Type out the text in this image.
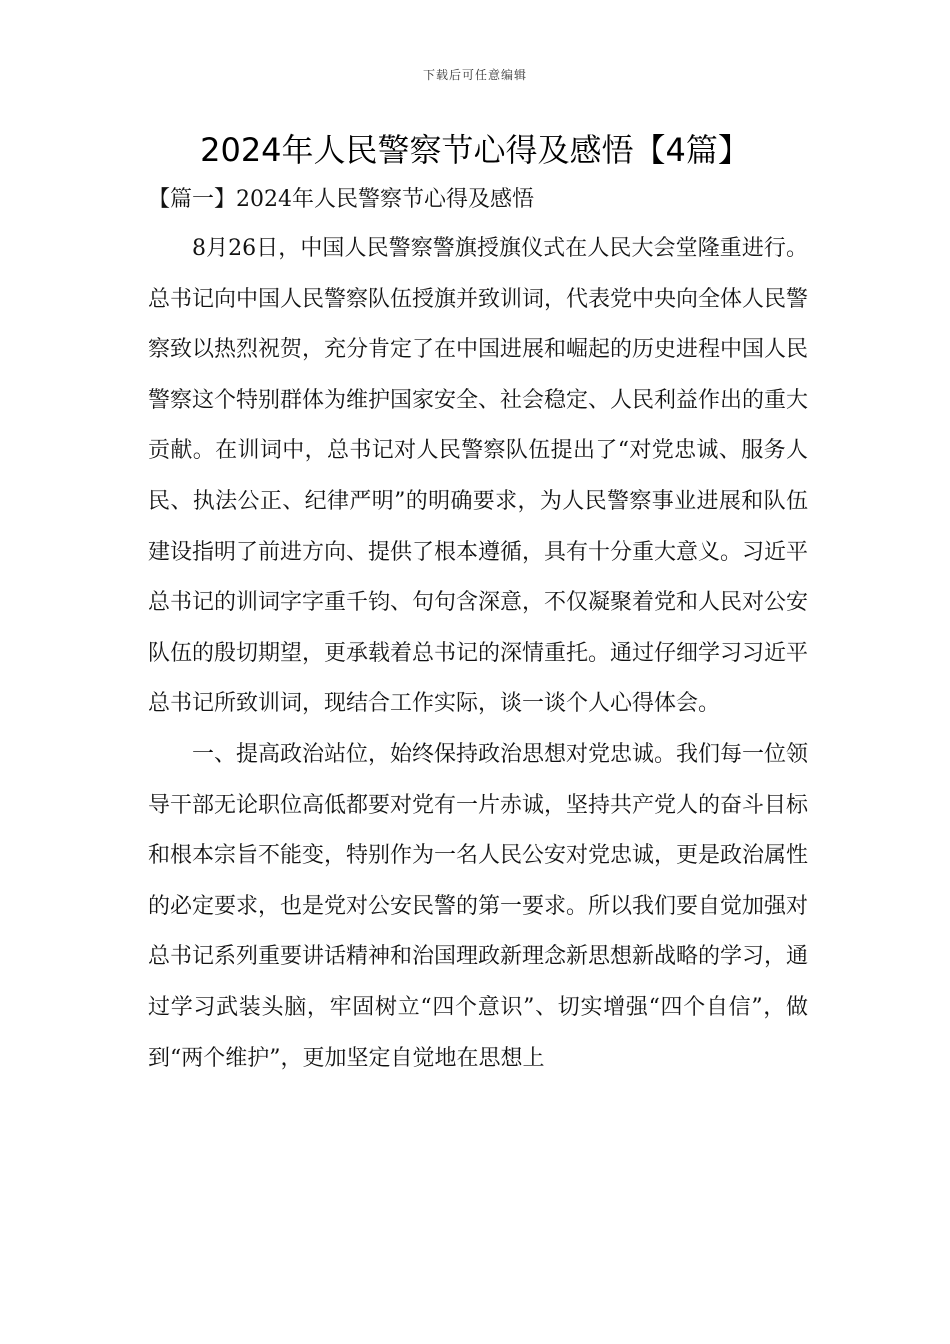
下载后可任意编辑
2024年人民警察节心得及感悟【4篇】
【篇一】2024年人民警察节心得及感悟

8月26日，中国人民警察警旗授旗仪式在人民大会堂隆重进行。总书记向中国人民警察队伍授旗并致训词，代表党中央向全体人民警察致以热烈祝贺，充分肯定了在中国进展和崛起的历史进程中国人民警察这个特别群体为维护国家安全、社会稳定、人民利益作出的重大贡献。在训词中，总书记对人民警察队伍提出了“对党忠诚、服务人民、执法公正、纪律严明”的明确要求，为人民警察事业进展和队伍建设指明了前进方向、提供了根本遵循，具有十分重大意义。习近平总书记的训词字字重千钧、句句含深意，不仅凝聚着党和人民对公安队伍的殷切期望，更承载着总书记的深情重托。通过仔细学习习近平总书记所致训词，现结合工作实际，谈一谈个人心得体会。

一、提高政治站位，始终保持政治思想对党忠诚。我们每一位领导干部无论职位高低都要对党有一片赤诚，坚持共产党人的奋斗目标和根本宗旨不能变，特别作为一名人民公安对党忠诚，更是政治属性的必定要求，也是党对公安民警的第一要求。所以我们要自觉加强对总书记系列重要讲话精神和治国理政新理念新思想新战略的学习，通过学习武装头脑，牢固树立“四个意识”、切实增强“四个自信”，做到“两个维护”，更加坚定自觉地在思想上
